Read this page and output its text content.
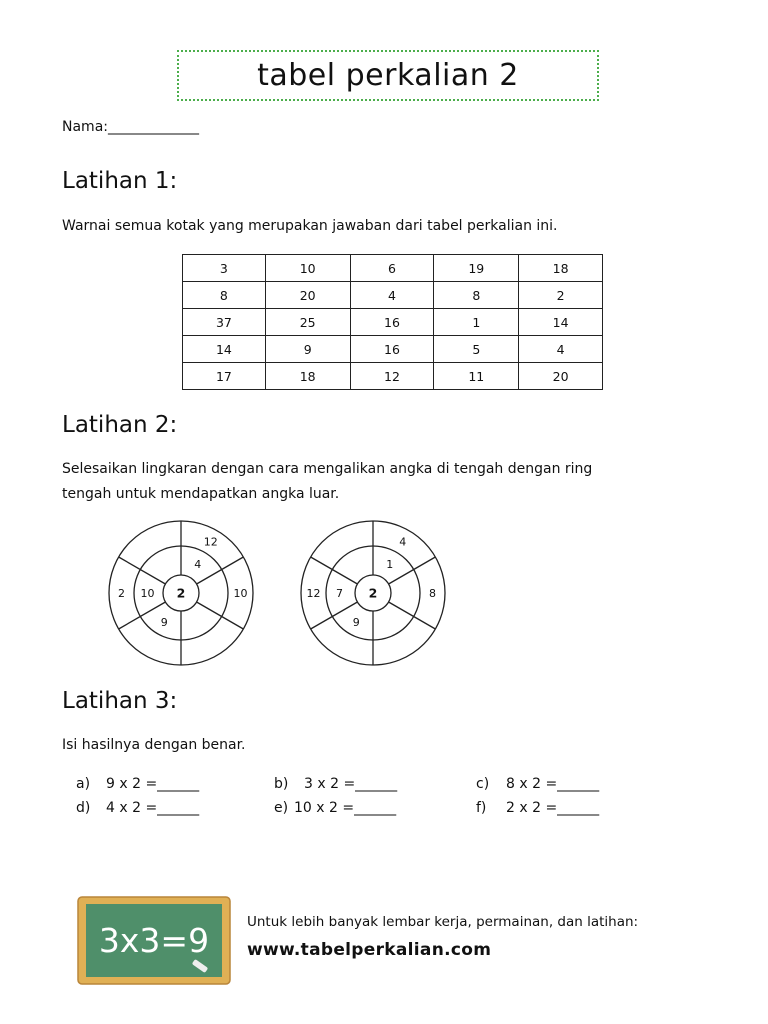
tabel perkalian 2
Nama:_____________
Latihan 1:
Warnai semua kotak yang merupakan jawaban dari tabel perkalian ini.
3	10	6	19	18
8	20	4	8	2
37	25	16	1	14
14	9	16	5	4
17	18	12	11	20
Latihan 2:
Selesaikan lingkaran dengan cara mengalikan angka di tengah dengan ring
tengah untuk mendapatkan angka luar.
2
4
9
10
12
10
2	2
1
9
7
4
8
12
Latihan 3:
Isi hasilnya dengan benar.
a) 9 x 2 =______	b) 3 x 2 =______	c) 8 x 2 =______
d) 4 x 2 =______	e) 10 x 2 =______	f) 2 x 2 =______
3x3=9	Untuk lebih banyak lembar kerja, permainan, dan latihan:
www.tabelperkalian.com
